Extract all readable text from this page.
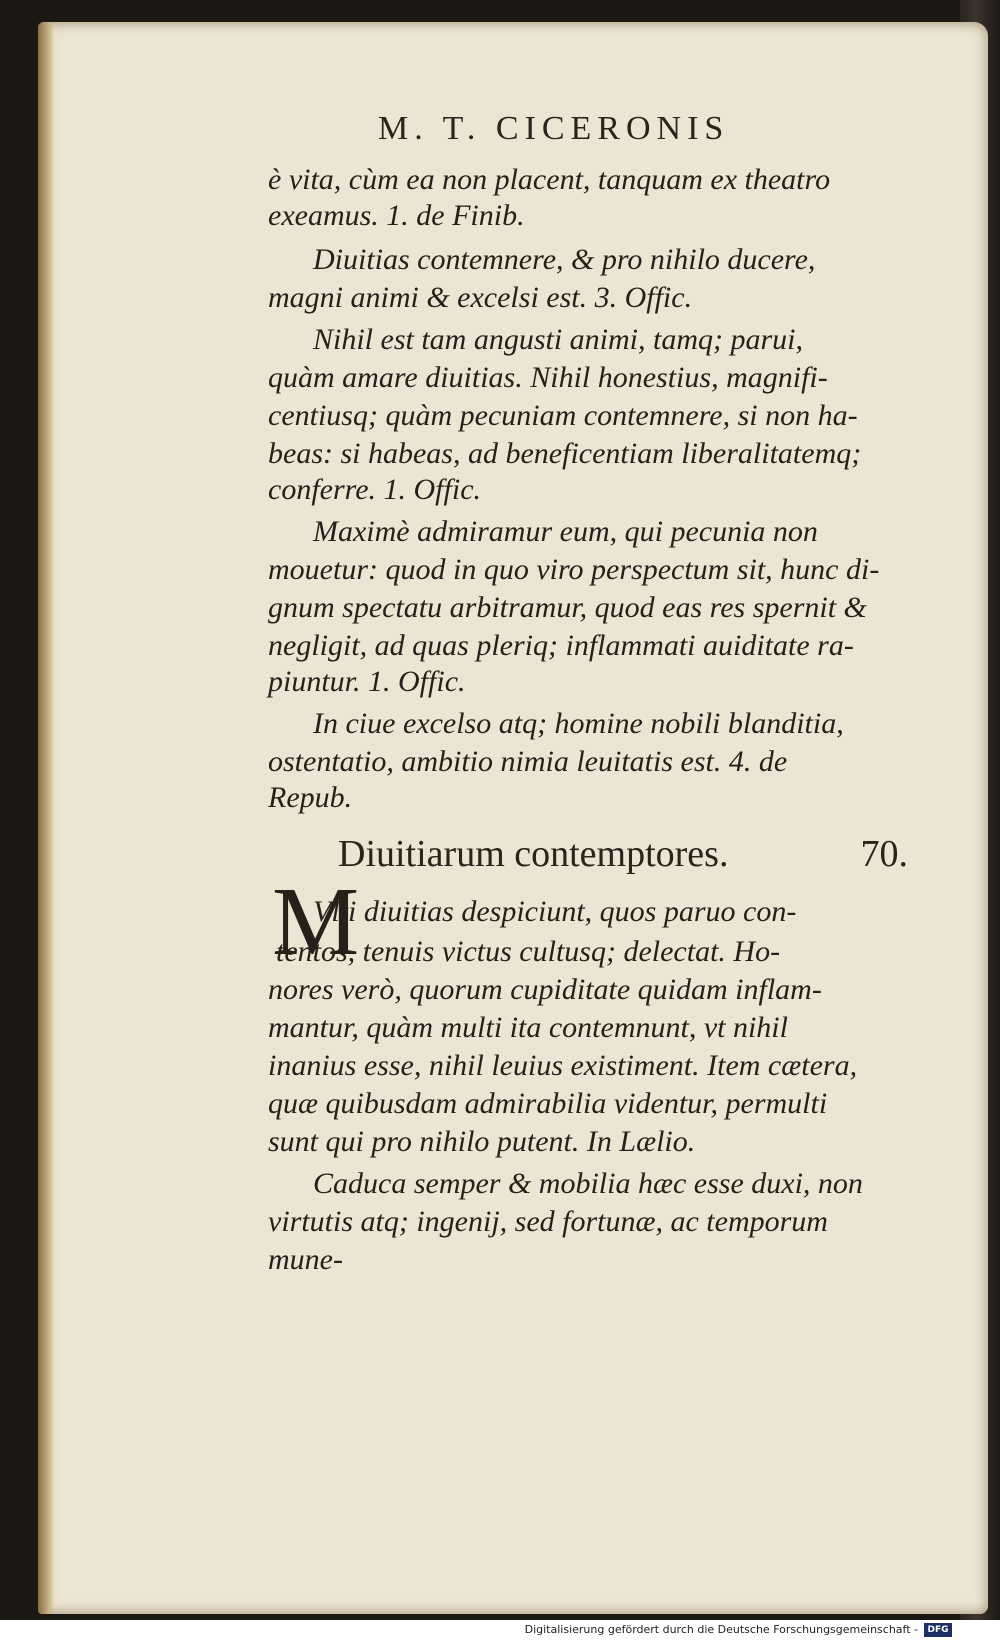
M. T. CICERONIS
è vita, cùm ea non placent, tanquam ex theatro
exeamus. 1. de Finib.
Diuitias contemnere, & pro nihilo ducere,
magni animi & excelsi est. 3. Offic.
Nihil est tam angusti animi, tamq; parui,
quàm amare diuitias. Nihil honestius, magnifi-
centiusq; quàm pecuniam contemnere, si non ha-
beas: si habeas, ad beneficentiam liberalitatemq;
conferre. 1. Offic.
Maximè admiramur eum, qui pecunia non
mouetur: quod in quo viro perspectum sit, hunc di-
gnum spectatu arbitramur, quod eas res spernit &
negligit, ad quas pleriq; inflammati auiditate ra-
piuntur. 1. Offic.
In ciue excelso atq; homine nobili blanditia,
ostentatio, ambitio nimia leuitatis est. 4. de
Repub.
Diuitiarum contemptores.	70.
M
Vlti diuitias despiciunt, quos paruo con-
tentos, tenuis victus cultusq; delectat. Ho-
nores verò, quorum cupiditate quidam inflam-
mantur, quàm multi ita contemnunt, vt nihil
inanius esse, nihil leuius existiment. Item cætera,
quæ quibusdam admirabilia videntur, permulti
sunt qui pro nihilo putent. In Lælio.
Caduca semper & mobilia hæc esse duxi, non
virtutis atq; ingenij, sed fortunæ, ac temporum
mune-
Digitalisierung gefördert durch die Deutsche Forschungsgemeinschaft -	DFG
